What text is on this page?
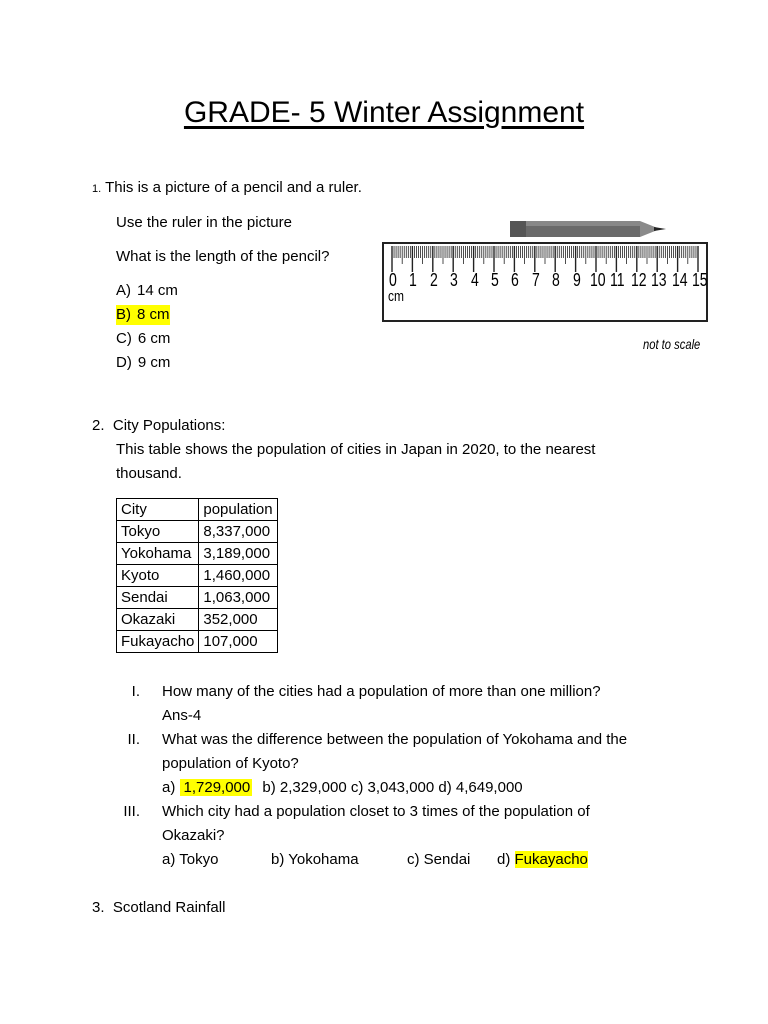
GRADE- 5 Winter Assignment
1. This is a picture of a pencil and a ruler.
Use the ruler in the picture
What is the length of the pencil?
A) 14 cm
B) 8 cm
C) 6 cm
D) 9 cm
0 1 2 3 4 5 6 7 8 9 10 11 12 13 14 15
cm
not to scale
2. City Populations:
This table shows the population of cities in Japan in 2020, to the nearest
thousand.
City	population
Tokyo	8,337,000
Yokohama	3,189,000
Kyoto	1,460,000
Sendai	1,063,000
Okazaki	352,000
Fukayacho	107,000
I. How many of the cities had a population of more than one million?
Ans-4
II. What was the difference between the population of Yokohama and the
population of Kyoto?
a) 1,729,000 b) 2,329,000 c) 3,043,000 d) 4,649,000
III. Which city had a population closet to 3 times of the population of
Okazaki?
a) Tokyo	b) Yokohama	c) Sendai d) Fukayacho
3. Scotland Rainfall
